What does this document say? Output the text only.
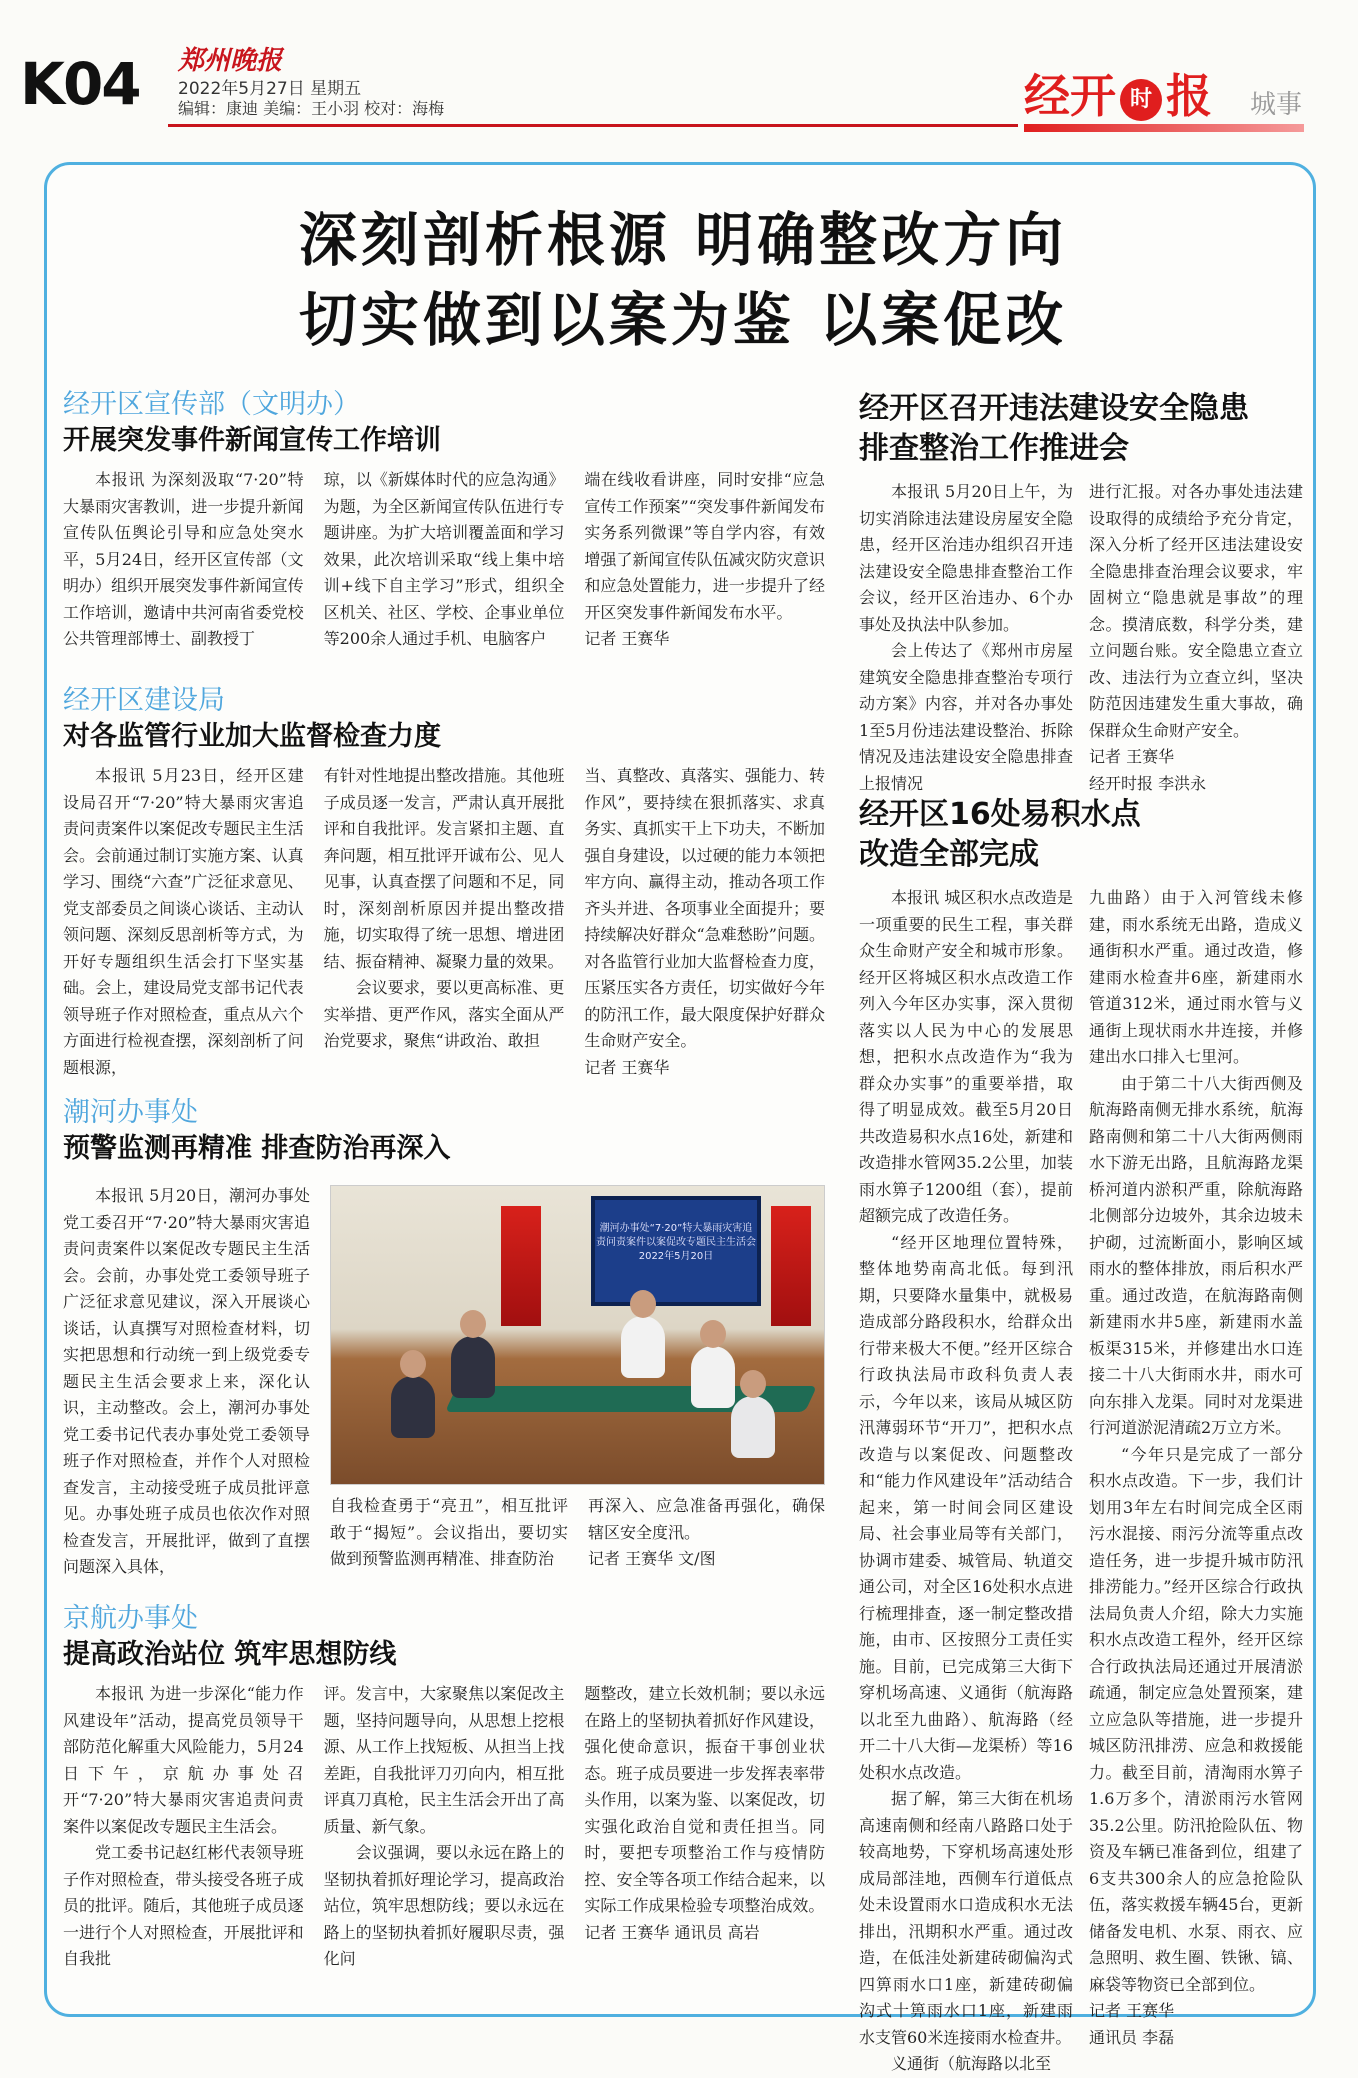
K04 郑州晚报
2022年5月27日 星期五
编辑：康迪 美编：王小羽 校对：海梅	经开 时 报 城事
深刻剖析根源 明确整改方向
切实做到以案为鉴 以案促改
经开区宣传部（文明办）
开展突发事件新闻宣传工作培训

本报讯 为深刻汲取“7·20”特大暴雨灾害教训，进一步提升新闻宣传队伍舆论引导和应急处突水平，5月24日，经开区宣传部（文明办）组织开展突发事件新闻宣传工作培训，邀请中共河南省委党校公共管理部博士、副教授丁

琼，以《新媒体时代的应急沟通》为题，为全区新闻宣传队伍进行专题讲座。为扩大培训覆盖面和学习效果，此次培训采取“线上集中培训+线下自主学习”形式，组织全区机关、社区、学校、企事业单位等200余人通过手机、电脑客户

端在线收看讲座，同时安排“应急宣传工作预案”“突发事件新闻发布实务系列微课”等自学内容，有效增强了新闻宣传队伍减灾防灾意识和应急处置能力，进一步提升了经开区突发事件新闻发布水平。

记者 王赛华
经开区召开违法建设安全隐患
排查整治工作推进会

本报讯 5月20日上午，为切实消除违法建设房屋安全隐患，经开区治违办组织召开违法建设安全隐患排查整治工作会议，经开区治违办、6个办事处及执法中队参加。

会上传达了《郑州市房屋建筑安全隐患排查整治专项行动方案》内容，并对各办事处1至5月份违法建设整治、拆除情况及违法建设安全隐患排查上报情况

进行汇报。对各办事处违法建设取得的成绩给予充分肯定，深入分析了经开区违法建设安全隐患排查治理会议要求，牢固树立“隐患就是事故”的理念。摸清底数，科学分类，建立问题台账。安全隐患立查立改、违法行为立查立纠，坚决防范因违建发生重大事故，确保群众生命财产安全。

记者 王赛华
经开时报 李洪永
经开区建设局
对各监管行业加大监督检查力度

本报讯 5月23日，经开区建设局召开“7·20”特大暴雨灾害追责问责案件以案促改专题民主生活会。会前通过制订实施方案、认真学习、围绕“六查”广泛征求意见、党支部委员之间谈心谈话、主动认领问题、深刻反思剖析等方式，为开好专题组织生活会打下坚实基础。会上，建设局党支部书记代表领导班子作对照检查，重点从六个方面进行检视查摆，深刻剖析了问题根源，

有针对性地提出整改措施。其他班子成员逐一发言，严肃认真开展批评和自我批评。发言紧扣主题、直奔问题，相互批评开诚布公、见人见事，认真查摆了问题和不足，同时，深刻剖析原因并提出整改措施，切实取得了统一思想、增进团结、振奋精神、凝聚力量的效果。

会议要求，要以更高标准、更实举措、更严作风，落实全面从严治党要求，聚焦“讲政治、敢担

当、真整改、真落实、强能力、转作风”，要持续在狠抓落实、求真务实、真抓实干上下功夫，不断加强自身建设，以过硬的能力本领把牢方向、赢得主动，推动各项工作齐头并进、各项事业全面提升；要持续解决好群众“急难愁盼”问题。对各监管行业加大监督检查力度，压紧压实各方责任，切实做好今年的防汛工作，最大限度保护好群众生命财产安全。

记者 王赛华
经开区16处易积水点
改造全部完成

本报讯 城区积水点改造是一项重要的民生工程，事关群众生命财产安全和城市形象。经开区将城区积水点改造工作列入今年区办实事，深入贯彻落实以人民为中心的发展思想，把积水点改造作为“我为群众办实事”的重要举措，取得了明显成效。截至5月20日共改造易积水点16处，新建和改造排水管网35.2公里，加装雨水箅子1200组（套），提前超额完成了改造任务。

“经开区地理位置特殊，整体地势南高北低。每到汛期，只要降水量集中，就极易造成部分路段积水，给群众出行带来极大不便。”经开区综合行政执法局市政科负责人表示，今年以来，该局从城区防汛薄弱环节“开刀”，把积水点改造与以案促改、问题整改和“能力作风建设年”活动结合起来，第一时间会同区建设局、社会事业局等有关部门，协调市建委、城管局、轨道交通公司，对全区16处积水点进行梳理排查，逐一制定整改措施，由市、区按照分工责任实施。目前，已完成第三大街下穿机场高速、义通街（航海路以北至九曲路）、航海路（经开二十八大街—龙渠桥）等16处积水点改造。

据了解，第三大街在机场高速南侧和经南八路路口处于较高地势，下穿机场高速处形成局部洼地，西侧车行道低点处未设置雨水口造成积水无法排出，汛期积水严重。通过改造，在低洼处新建砖砌偏沟式四箅雨水口1座，新建砖砌偏沟式十箅雨水口1座，新建雨水支管60米连接雨水检查井。

义通街（航海路以北至

九曲路）由于入河管线未修建，雨水系统无出路，造成义通街积水严重。通过改造，修建雨水检查井6座，新建雨水管道312米，通过雨水管与义通街上现状雨水井连接，并修建出水口排入七里河。

由于第二十八大街西侧及航海路南侧无排水系统，航海路南侧和第二十八大街两侧雨水下游无出路，且航海路龙渠桥河道内淤积严重，除航海路北侧部分边坡外，其余边坡未护砌，过流断面小，影响区域雨水的整体排放，雨后积水严重。通过改造，在航海路南侧新建雨水井5座，新建雨水盖板渠315米，并修建出水口连接二十八大街雨水井，雨水可向东排入龙渠。同时对龙渠进行河道淤泥清疏2万立方米。

“今年只是完成了一部分积水点改造。下一步，我们计划用3年左右时间完成全区雨污水混接、雨污分流等重点改造任务，进一步提升城市防汛排涝能力。”经开区综合行政执法局负责人介绍，除大力实施积水点改造工程外，经开区综合行政执法局还通过开展清淤疏通，制定应急处置预案，建立应急队等措施，进一步提升城区防汛排涝、应急和救援能力。截至目前，清淘雨水箅子1.6万多个，清淤雨污水管网35.2公里。防汛抢险队伍、物资及车辆已准备到位，组建了6支共300余人的应急抢险队伍，落实救援车辆45台，更新储备发电机、水泵、雨衣、应急照明、救生圈、铁锹、镐、麻袋等物资已全部到位。

记者 王赛华
通讯员 李磊
潮河办事处
预警监测再精准 排查防治再深入

本报讯 5月20日，潮河办事处党工委召开“7·20”特大暴雨灾害追责问责案件以案促改专题民主生活会。会前，办事处党工委领导班子广泛征求意见建议，深入开展谈心谈话，认真撰写对照检查材料，切实把思想和行动统一到上级党委专题民主生活会要求上来，深化认识，主动整改。会上，潮河办事处党工委书记代表办事处党工委领导班子作对照检查，并作个人对照检查发言，主动接受班子成员批评意见。办事处班子成员也依次作对照检查发言，开展批评，做到了直摆问题深入具体，

潮河办事处“7·20”特大暴雨灾害追责问责案件以案促改专题民主生活会
2022年5月20日

自我检查勇于“亮丑”，相互批评敢于“揭短”。会议指出，要切实做到预警监测再精准、排查防治

再深入、应急准备再强化，确保辖区安全度汛。

记者 王赛华 文/图
京航办事处
提高政治站位 筑牢思想防线

本报讯 为进一步深化“能力作风建设年”活动，提高党员领导干部防范化解重大风险能力，5月24日下午，京航办事处召开“7·20”特大暴雨灾害追责问责案件以案促改专题民主生活会。

党工委书记赵红彬代表领导班子作对照检查，带头接受各班子成员的批评。随后，其他班子成员逐一进行个人对照检查，开展批评和自我批

评。发言中，大家聚焦以案促改主题，坚持问题导向，从思想上挖根源、从工作上找短板、从担当上找差距，自我批评刀刃向内，相互批评真刀真枪，民主生活会开出了高质量、新气象。

会议强调，要以永远在路上的坚韧执着抓好理论学习，提高政治站位，筑牢思想防线；要以永远在路上的坚韧执着抓好履职尽责，强化问

题整改，建立长效机制；要以永远在路上的坚韧执着抓好作风建设，强化使命意识，振奋干事创业状态。班子成员要进一步发挥表率带头作用，以案为鉴、以案促改，切实强化政治自觉和责任担当。同时，要把专项整治工作与疫情防控、安全等各项工作结合起来，以实际工作成果检验专项整治成效。

记者 王赛华 通讯员 高岩
